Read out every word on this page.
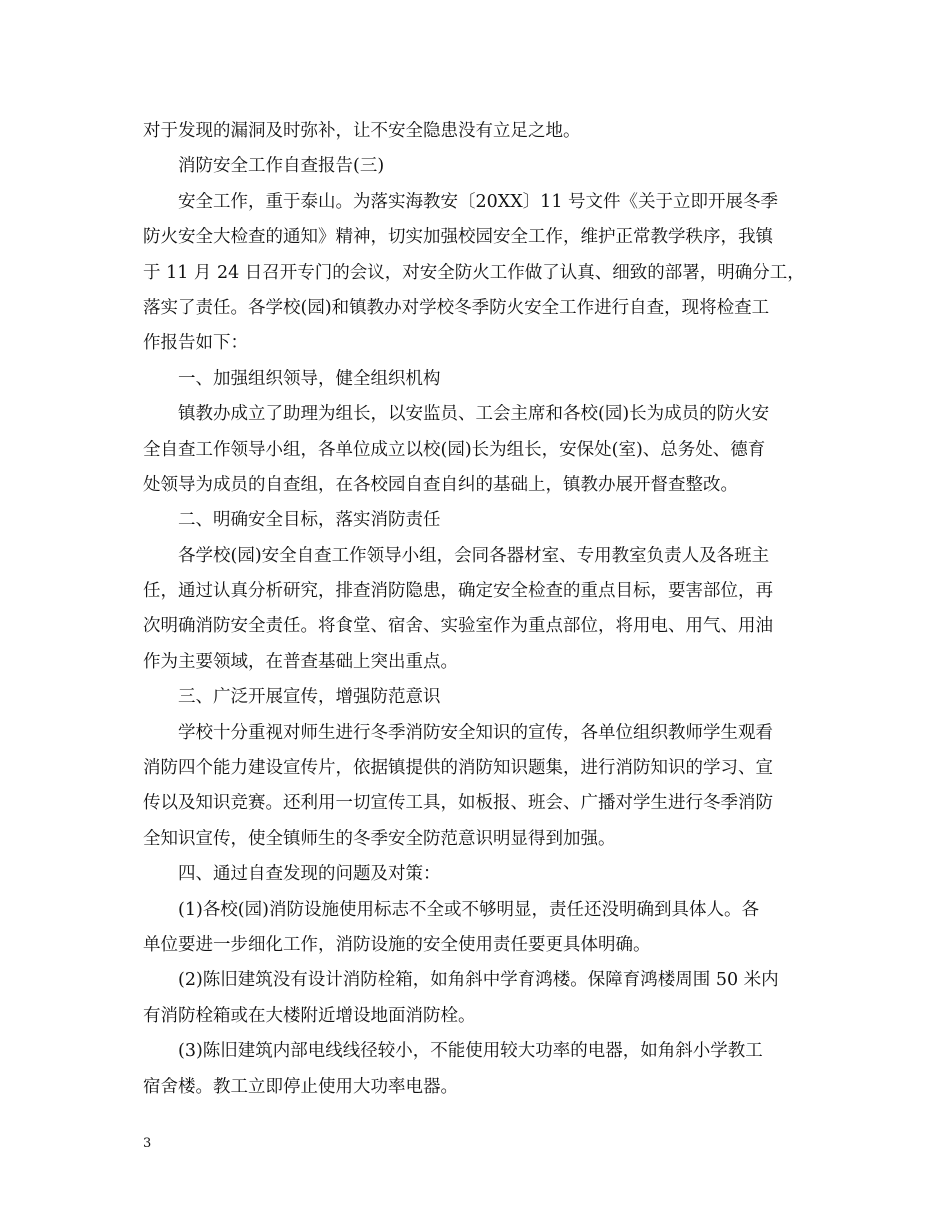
对于发现的漏洞及时弥补，让不安全隐患没有立足之地。
消防安全工作自查报告(三)
安全工作，重于泰山。为落实海教安〔20XX〕11 号文件《关于立即开展冬季
防火安全大检查的通知》精神，切实加强校园安全工作，维护正常教学秩序，我镇
于 11 月 24 日召开专门的会议，对安全防火工作做了认真、细致的部署，明确分工，
落实了责任。各学校(园)和镇教办对学校冬季防火安全工作进行自查，现将检查工
作报告如下：
一、加强组织领导，健全组织机构
镇教办成立了助理为组长，以安监员、工会主席和各校(园)长为成员的防火安
全自查工作领导小组，各单位成立以校(园)长为组长，安保处(室)、总务处、德育
处领导为成员的自查组，在各校园自查自纠的基础上，镇教办展开督查整改。
二、明确安全目标，落实消防责任
各学校(园)安全自查工作领导小组，会同各器材室、专用教室负责人及各班主
任，通过认真分析研究，排查消防隐患，确定安全检查的重点目标，要害部位，再
次明确消防安全责任。将食堂、宿舍、实验室作为重点部位，将用电、用气、用油
作为主要领域，在普查基础上突出重点。
三、广泛开展宣传，增强防范意识
学校十分重视对师生进行冬季消防安全知识的宣传，各单位组织教师学生观看
消防四个能力建设宣传片，依据镇提供的消防知识题集，进行消防知识的学习、宣
传以及知识竞赛。还利用一切宣传工具，如板报、班会、广播对学生进行冬季消防
全知识宣传，使全镇师生的冬季安全防范意识明显得到加强。
四、通过自查发现的问题及对策：
(1)各校(园)消防设施使用标志不全或不够明显，责任还没明确到具体人。各
单位要进一步细化工作，消防设施的安全使用责任要更具体明确。
(2)陈旧建筑没有设计消防栓箱，如角斜中学育鸿楼。保障育鸿楼周围 50 米内
有消防栓箱或在大楼附近增设地面消防栓。
(3)陈旧建筑内部电线线径较小，不能使用较大功率的电器，如角斜小学教工
宿舍楼。教工立即停止使用大功率电器。
3
